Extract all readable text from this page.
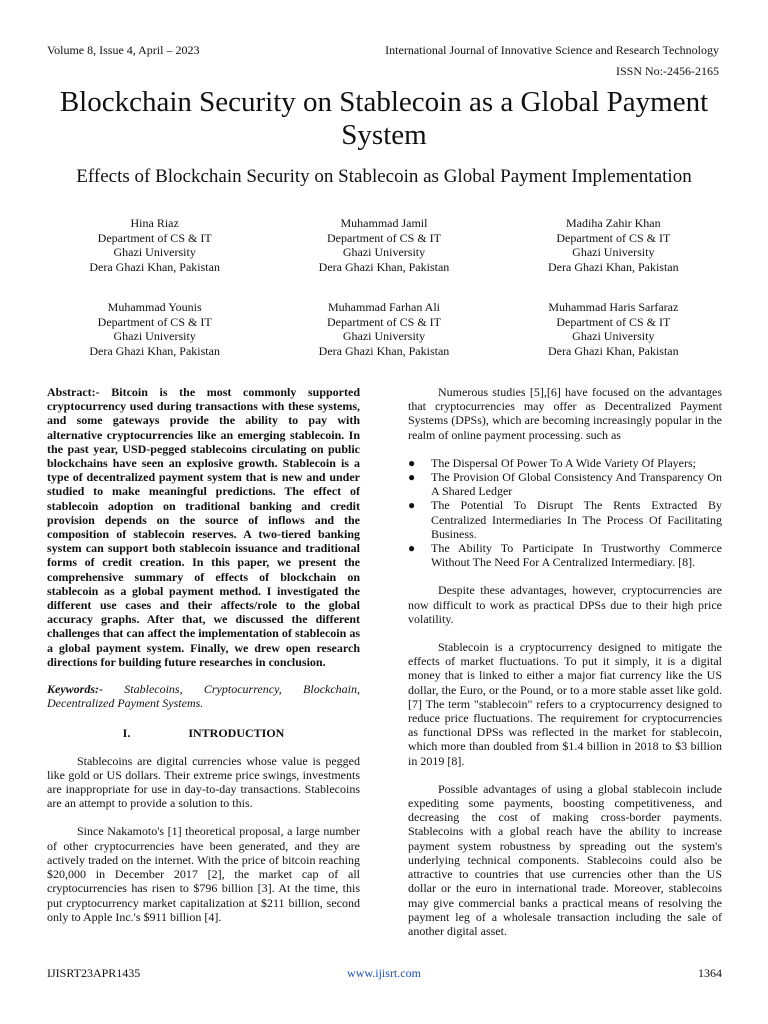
Volume 8, Issue 4, April – 2023	International Journal of Innovative Science and Research Technology
ISSN No:-2456-2165
Blockchain Security on Stablecoin as a Global Payment System
Effects of Blockchain Security on Stablecoin as Global Payment Implementation
Hina Riaz
Department of CS & IT
Ghazi University
Dera Ghazi Khan, Pakistan
Muhammad Jamil
Department of CS & IT
Ghazi University
Dera Ghazi Khan, Pakistan
Madiha Zahir Khan
Department of CS & IT
Ghazi University
Dera Ghazi Khan, Pakistan
Muhammad Younis
Department of CS & IT
Ghazi University
Dera Ghazi Khan, Pakistan
Muhammad Farhan Ali
Department of CS & IT
Ghazi University
Dera Ghazi Khan, Pakistan
Muhammad Haris Sarfaraz
Department of CS & IT
Ghazi University
Dera Ghazi Khan, Pakistan

Abstract:- Bitcoin is the most commonly supported cryptocurrency used during transactions with these systems, and some gateways provide the ability to pay with alternative cryptocurrencies like an emerging stablecoin. In the past year, USD-pegged stablecoins circulating on public blockchains have seen an explosive growth. Stablecoin is a type of decentralized payment system that is new and under studied to make meaningful predictions. The effect of stablecoin adoption on traditional banking and credit provision depends on the source of inflows and the composition of stablecoin reserves. A two-tiered banking system can support both stablecoin issuance and traditional forms of credit creation. In this paper, we present the comprehensive summary of effects of blockchain on stablecoin as a global payment method. I investigated the different use cases and their affects/role to the global accuracy graphs. After that, we discussed the different challenges that can affect the implementation of stablecoin as a global payment system. Finally, we drew open research directions for building future researches in conclusion.

Keywords:- Stablecoins, Cryptocurrency, Blockchain, Decentralized Payment Systems.

I.	INTRODUCTION

Stablecoins are digital currencies whose value is pegged like gold or US dollars. Their extreme price swings, investments are inappropriate for use in day-to-day transactions. Stablecoins are an attempt to provide a solution to this.

Since Nakamoto's [1] theoretical proposal, a large number of other cryptocurrencies have been generated, and they are actively traded on the internet. With the price of bitcoin reaching $20,000 in December 2017 [2], the market cap of all cryptocurrencies has risen to $796 billion [3]. At the time, this put cryptocurrency market capitalization at $211 billion, second only to Apple Inc.'s $911 billion [4].

Numerous studies [5],[6] have focused on the advantages that cryptocurrencies may offer as Decentralized Payment Systems (DPSs), which are becoming increasingly popular in the realm of online payment processing. such as

● The Dispersal Of Power To A Wide Variety Of Players;
● The Provision Of Global Consistency And Transparency On A Shared Ledger
● The Potential To Disrupt The Rents Extracted By Centralized Intermediaries In The Process Of Facilitating Business.
● The Ability To Participate In Trustworthy Commerce Without The Need For A Centralized Intermediary. [8].

Despite these advantages, however, cryptocurrencies are now difficult to work as practical DPSs due to their high price volatility.

Stablecoin is a cryptocurrency designed to mitigate the effects of market fluctuations. To put it simply, it is a digital money that is linked to either a major fiat currency like the US dollar, the Euro, or the Pound, or to a more stable asset like gold. [7] The term "stablecoin" refers to a cryptocurrency designed to reduce price fluctuations. The requirement for cryptocurrencies as functional DPSs was reflected in the market for stablecoin, which more than doubled from $1.4 billion in 2018 to $3 billion in 2019 [8].

Possible advantages of using a global stablecoin include expediting some payments, boosting competitiveness, and decreasing the cost of making cross-border payments. Stablecoins with a global reach have the ability to increase payment system robustness by spreading out the system's underlying technical components. Stablecoins could also be attractive to countries that use currencies other than the US dollar or the euro in international trade. Moreover, stablecoins may give commercial banks a practical means of resolving the payment leg of a wholesale transaction including the sale of another digital asset.

IJISRT23APR1435	www.ijisrt.com	1364
